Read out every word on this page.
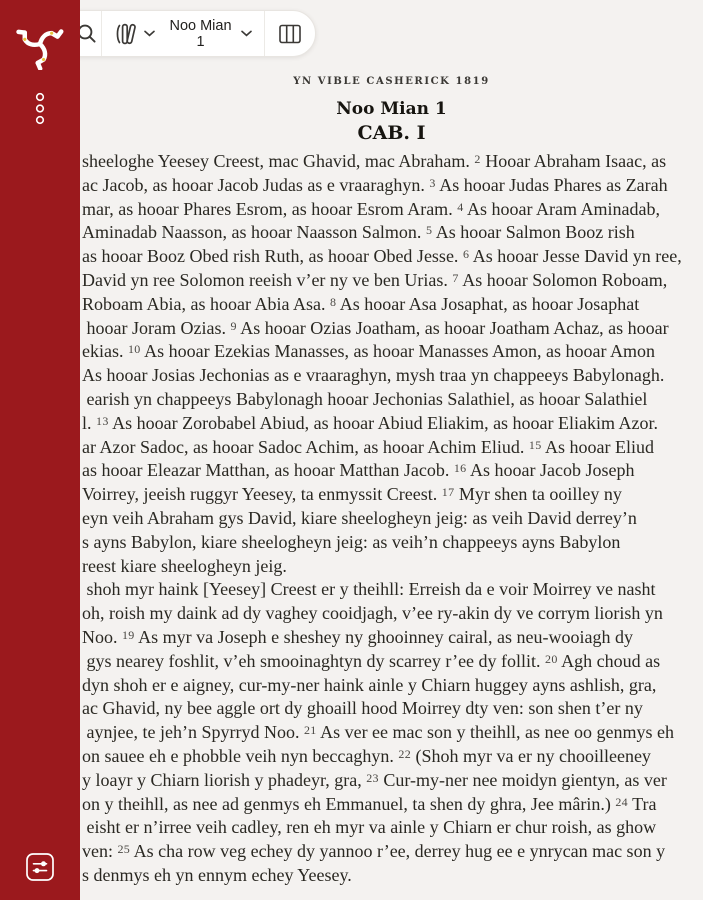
YN VIBLE CASHERICK 1819
Noo Mian 1
CAB. I
sheeloghe Yeesey Creest, mac Ghavid, mac Abraham. $^2$ Hooar Abraham Isaac, as
ac Jacob, as hooar Jacob Judas as e vraaraghyn. $^3$ As hooar Judas Phares as Zarah
mar, as hooar Phares Esrom, as hooar Esrom Aram. $^4$ As hooar Aram Aminadab,
Aminadab Naasson, as hooar Naasson Salmon. $^5$ As hooar Salmon Booz rish
as hooar Booz Obed rish Ruth, as hooar Obed Jesse. $^6$ As hooar Jesse David yn ree,
David yn ree Solomon reeish v’er ny ve ben Urias. $^7$ As hooar Solomon Roboam,
Roboam Abia, as hooar Abia Asa. $^8$ As hooar Asa Josaphat, as hooar Josaphat
hooar Joram Ozias. $^9$ As hooar Ozias Joatham, as hooar Joatham Achaz, as hooar
ekias. $^{10}$ As hooar Ezekias Manasses, as hooar Manasses Amon, as hooar Amon
As hooar Josias Jechonias as e vraaraghyn, mysh traa yn chappeeys Babylonagh.
earish yn chappeeys Babylonagh hooar Jechonias Salathiel, as hooar Salathiel
l. $^{13}$ As hooar Zorobabel Abiud, as hooar Abiud Eliakim, as hooar Eliakim Azor.
ar Azor Sadoc, as hooar Sadoc Achim, as hooar Achim Eliud. $^{15}$ As hooar Eliud
as hooar Eleazar Matthan, as hooar Matthan Jacob. $^{16}$ As hooar Jacob Joseph
Voirrey, jeeish ruggyr Yeesey, ta enmyssit Creest. $^{17}$ Myr shen ta ooilley ny
eyn veih Abraham gys David, kiare sheelogheyn jeig: as veih David derrey’n
s ayns Babylon, kiare sheelogheyn jeig: as veih’n chappeeys ayns Babylon
reest kiare sheelogheyn jeig.
shoh myr haink [Yeesey] Creest er y theihll: Erreish da e voir Moirrey ve nasht
oh, roish my daink ad dy vaghey cooidjagh, v’ee ry-akin dy ve corrym liorish yn
Noo. $^{19}$ As myr va Joseph e sheshey ny ghooinney cairal, as neu-wooiagh dy
gys nearey foshlit, v’eh smooinaghtyn dy scarrey r’ee dy follit. $^{20}$ Agh choud as
dyn shoh er e aigney, cur-my-ner haink ainle y Chiarn huggey ayns ashlish, gra,
ac Ghavid, ny bee aggle ort dy ghoaill hood Moirrey dty ven: son shen t’er ny
aynjee, te jeh’n Spyrryd Noo. $^{21}$ As ver ee mac son y theihll, as nee oo genmys eh
on sauee eh e phobble veih nyn beccaghyn. $^{22}$ (Shoh myr va er ny chooilleeney
y loayr y Chiarn liorish y phadeyr, gra, $^{23}$ Cur-my-ner nee moidyn gientyn, as ver
on y theihll, as nee ad genmys eh Emmanuel, ta shen dy ghra, Jee mârin.) $^{24}$ Tra
eisht er n’irree veih cadley, ren eh myr va ainle y Chiarn er chur roish, as ghow
ven: $^{25}$ As cha row veg echey dy yannoo r’ee, derrey hug ee e ynrycan mac son y
s denmys eh yn ennym echey Yeesey.
Noo Mian 1
